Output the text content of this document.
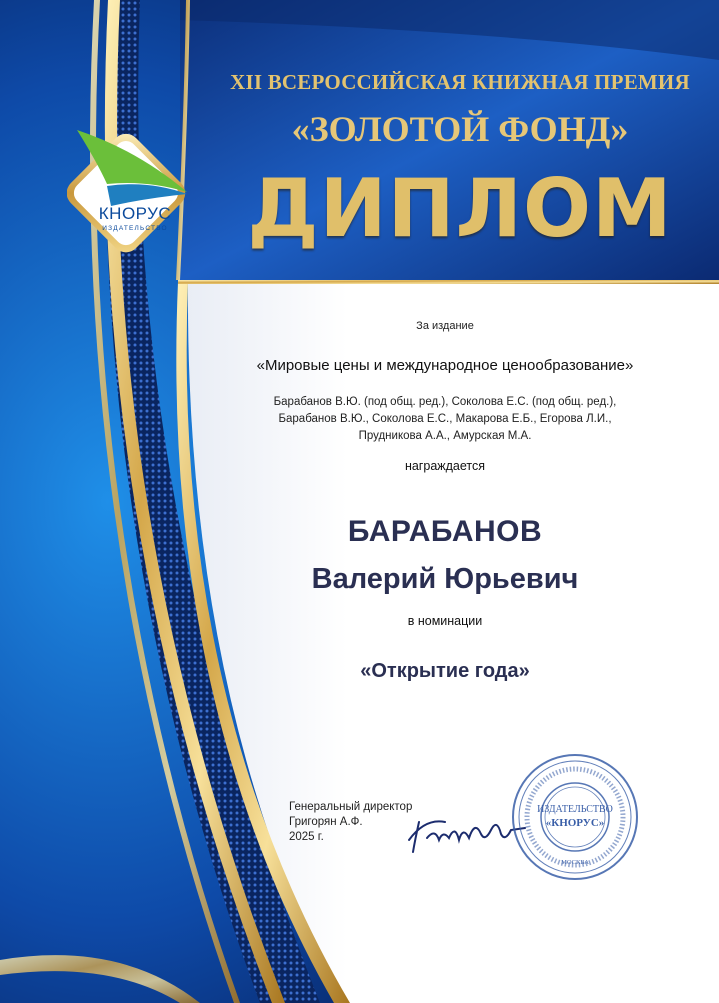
КНОРУС

ИЗДАТЕЛЬСТВО

XII ВСЕРОССИЙСКАЯ КНИЖНАЯ ПРЕМИЯ

«ЗОЛОТОЙ ФОНД»

ДИПЛОМ

За издание

«Мировые цены и международное ценообразование»

Барабанов В.Ю. (под общ. ред.), Соколова Е.С. (под общ. ред.),
Барабанов В.Ю., Соколова Е.С., Макарова Е.Б., Егорова Л.И.,
Прудникова А.А., Амурская М.А.

награждается

БАРАБАНОВ

Валерий Юрьевич

в номинации

«Открытие года»

Генеральный директор
Григорян А.Ф.
2025 г.
ИЗДАТЕЛЬСТВО
«КНОРУС»
МОСКВА
